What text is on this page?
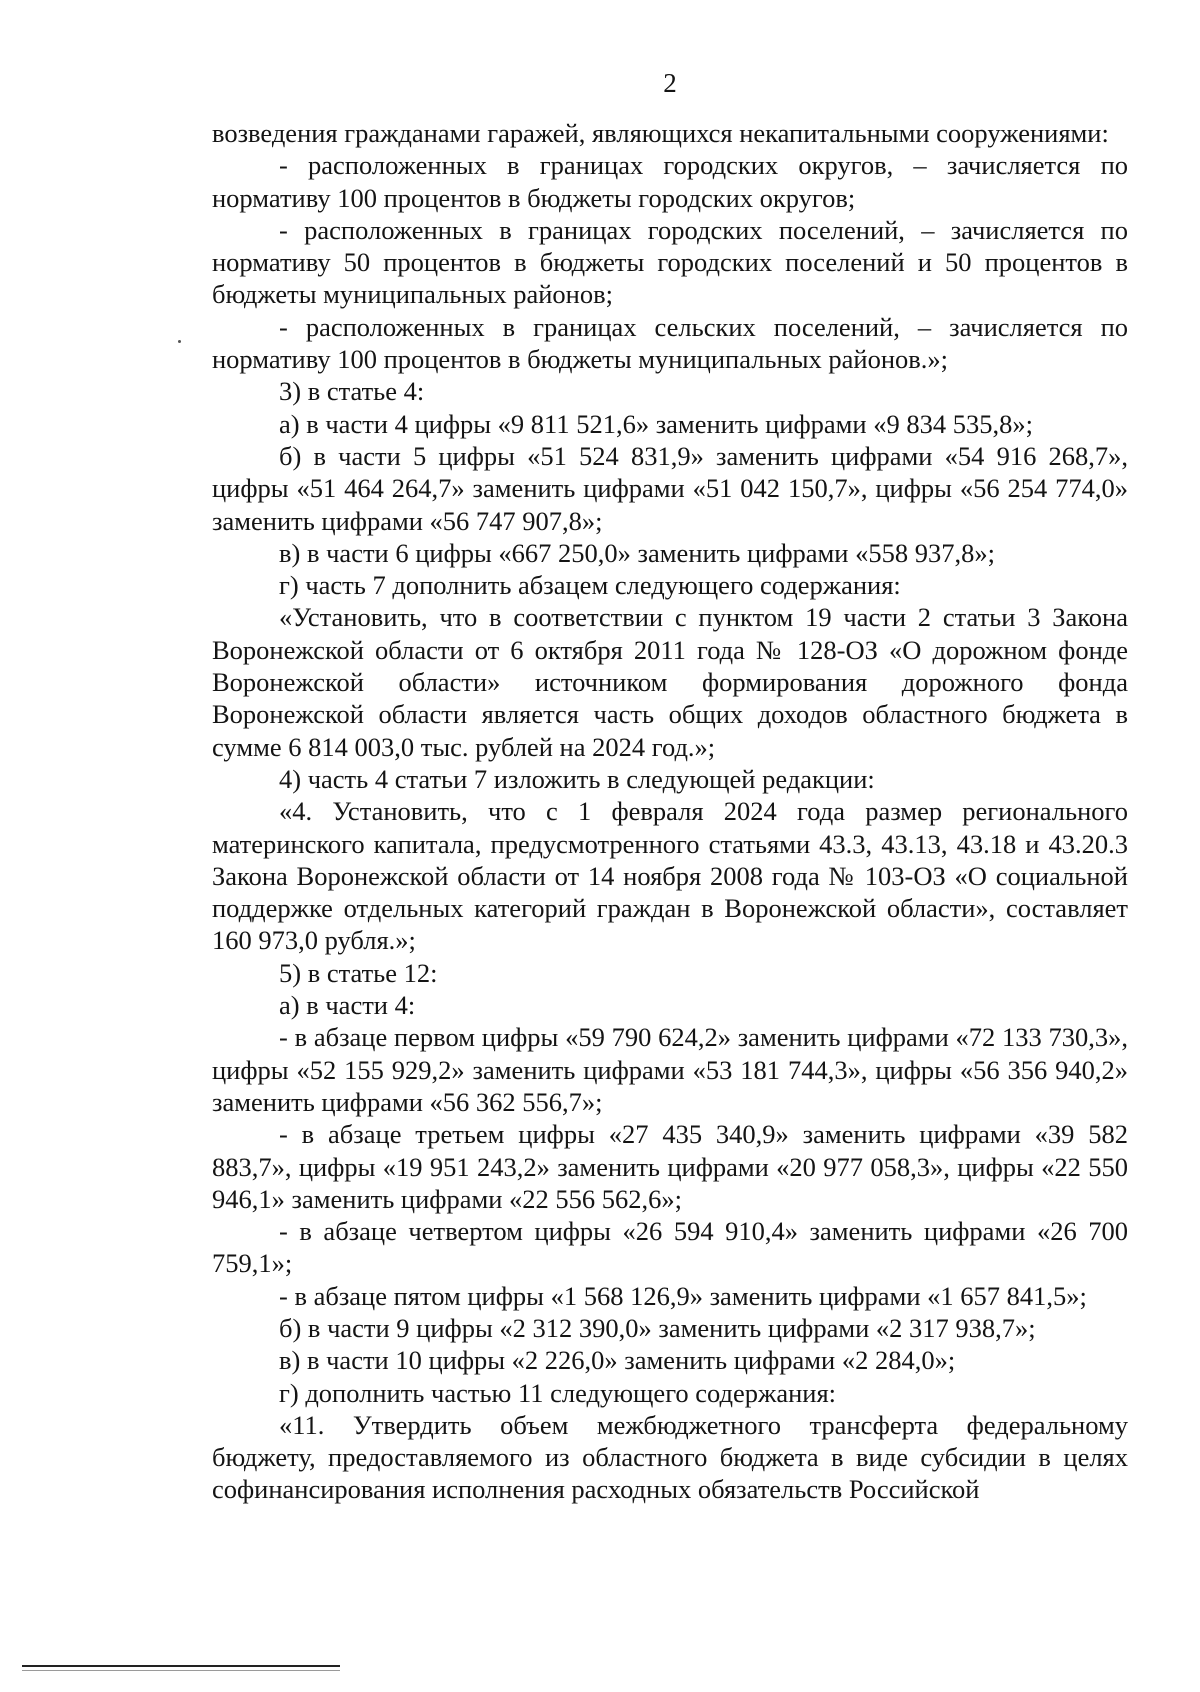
2

возведения гражданами гаражей, являющихся некапитальными сооружениями:

- расположенных в границах городских округов, – зачисляется по нормативу 100 процентов в бюджеты городских округов;

- расположенных в границах городских поселений, – зачисляется по нормативу 50 процентов в бюджеты городских поселений и 50 процентов в бюджеты муниципальных районов;

- расположенных в границах сельских поселений, – зачисляется по нормативу 100 процентов в бюджеты муниципальных районов.»;

3) в статье 4:

а) в части 4 цифры «9 811 521,6» заменить цифрами «9 834 535,8»;

б) в части 5 цифры «51 524 831,9» заменить цифрами «54 916 268,7», цифры «51 464 264,7» заменить цифрами «51 042 150,7», цифры «56 254 774,0» заменить цифрами «56 747 907,8»;

в) в части 6 цифры «667 250,0» заменить цифрами «558 937,8»;

г) часть 7 дополнить абзацем следующего содержания:

«Установить, что в соответствии с пунктом 19 части 2 статьи 3 Закона Воронежской области от 6 октября 2011 года № 128-ОЗ «О дорожном фонде Воронежской области» источником формирования дорожного фонда Воронежской области является часть общих доходов областного бюджета в сумме 6 814 003,0 тыс. рублей на 2024 год.»;

4) часть 4 статьи 7 изложить в следующей редакции:

«4. Установить, что с 1 февраля 2024 года размер регионального материнского капитала, предусмотренного статьями 43.3, 43.13, 43.18 и 43.20.3 Закона Воронежской области от 14 ноября 2008 года № 103-ОЗ «О социальной поддержке отдельных категорий граждан в Воронежской области», составляет 160 973,0 рубля.»;

5) в статье 12:

а) в части 4:

- в абзаце первом цифры «59 790 624,2» заменить цифрами «72 133 730,3», цифры «52 155 929,2» заменить цифрами «53 181 744,3», цифры «56 356 940,2» заменить цифрами «56 362 556,7»;

- в абзаце третьем цифры «27 435 340,9» заменить цифрами «39 582 883,7», цифры «19 951 243,2» заменить цифрами «20 977 058,3», цифры «22 550 946,1» заменить цифрами «22 556 562,6»;

- в абзаце четвертом цифры «26 594 910,4» заменить цифрами «26 700 759,1»;

- в абзаце пятом цифры «1 568 126,9» заменить цифрами «1 657 841,5»;

б) в части 9 цифры «2 312 390,0» заменить цифрами «2 317 938,7»;

в) в части 10 цифры «2 226,0» заменить цифрами «2 284,0»;

г) дополнить частью 11 следующего содержания:

«11. Утвердить объем межбюджетного трансферта федеральному бюджету, предоставляемого из областного бюджета в виде субсидии в целях софинансирования исполнения расходных обязательств Российской
